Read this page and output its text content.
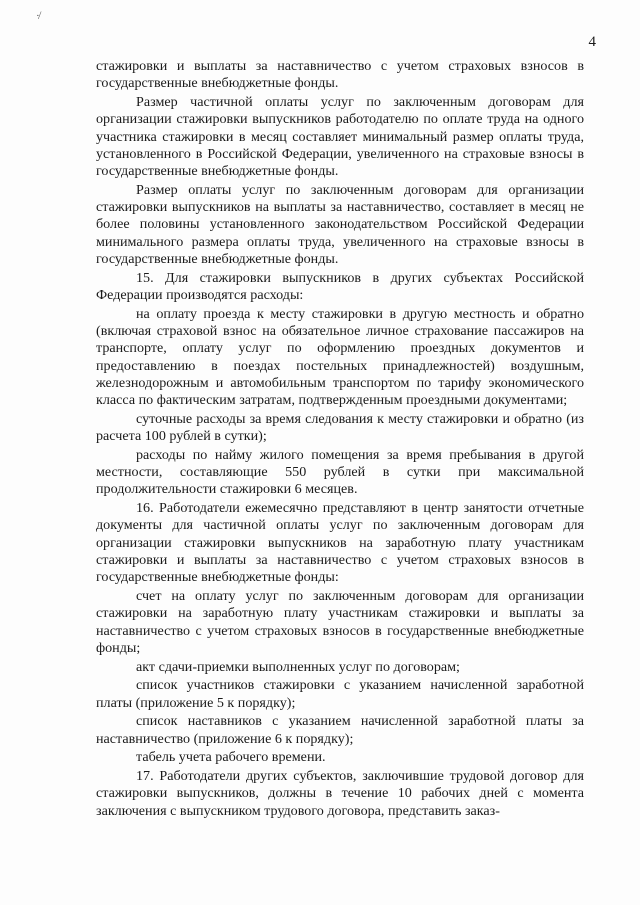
·̸
4

стажировки и выплаты за наставничество с учетом страховых взносов в государственные внебюджетные фонды.

Размер частичной оплаты услуг по заключенным договорам для организации стажировки выпускников работодателю по оплате труда на одного участника стажировки в месяц составляет минимальный размер оплаты труда, установленного в Российской Федерации, увеличенного на страховые взносы в государственные внебюджетные фонды.

Размер оплаты услуг по заключенным договорам для организации стажировки выпускников на выплаты за наставничество, составляет в месяц не более половины установленного законодательством Российской Федерации минимального размера оплаты труда, увеличенного на страховые взносы в государственные внебюджетные фонды.

15. Для стажировки выпускников в других субъектах Российской Федерации производятся расходы:

на оплату проезда к месту стажировки в другую местность и обратно (включая страховой взнос на обязательное личное страхование пассажиров на транспорте, оплату услуг по оформлению проездных документов и предоставлению в поездах постельных принадлежностей) воздушным, железнодорожным и автомобильным транспортом по тарифу экономического класса по фактическим затратам, подтвержденным проездными документами;

суточные расходы за время следования к месту стажировки и обратно (из расчета 100 рублей в сутки);

расходы по найму жилого помещения за время пребывания в другой местности, составляющие 550 рублей в сутки при максимальной продолжительности стажировки 6 месяцев.

16. Работодатели ежемесячно представляют в центр занятости отчетные документы для частичной оплаты услуг по заключенным договорам для организации стажировки выпускников на заработную плату участникам стажировки и выплаты за наставничество с учетом страховых взносов в государственные внебюджетные фонды:

счет на оплату услуг по заключенным договорам для организации стажировки на заработную плату участникам стажировки и выплаты за наставничество с учетом страховых взносов в государственные внебюджетные фонды;

акт сдачи-приемки выполненных услуг по договорам;

список участников стажировки с указанием начисленной заработной платы (приложение 5 к порядку);

список наставников с указанием начисленной заработной платы за наставничество (приложение 6 к порядку);

табель учета рабочего времени.

17. Работодатели других субъектов, заключившие трудовой договор для стажировки выпускников, должны в течение 10 рабочих дней с момента заключения с выпускником трудового договора, представить заказ-
